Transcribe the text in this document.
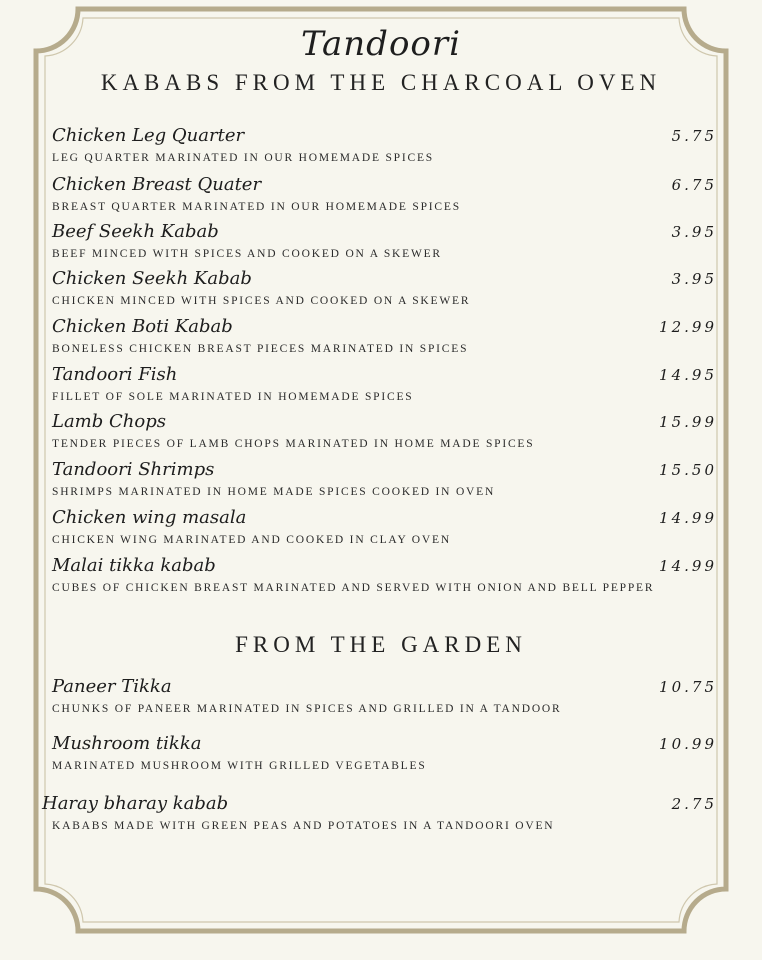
Tandoori
KABABS FROM THE CHARCOAL OVEN
Chicken Leg Quarter	5.75
LEG QUARTER MARINATED IN OUR HOMEMADE SPICES
Chicken Breast Quater	6.75
BREAST QUARTER MARINATED IN OUR HOMEMADE SPICES
Beef Seekh Kabab	3.95
BEEF MINCED WITH SPICES AND COOKED ON A SKEWER
Chicken Seekh Kabab	3.95
CHICKEN MINCED WITH SPICES AND COOKED ON A SKEWER
Chicken Boti Kabab	12.99
BONELESS CHICKEN BREAST PIECES MARINATED IN SPICES
Tandoori Fish	14.95
FILLET OF SOLE MARINATED IN HOMEMADE SPICES
Lamb Chops	15.99
TENDER PIECES OF LAMB CHOPS MARINATED IN HOME MADE SPICES
Tandoori Shrimps	15.50
SHRIMPS MARINATED IN HOME MADE SPICES COOKED IN OVEN
Chicken wing masala	14.99
CHICKEN WING MARINATED AND COOKED IN CLAY OVEN
Malai tikka kabab	14.99
CUBES OF CHICKEN BREAST MARINATED AND SERVED WITH ONION AND BELL PEPPER
FROM THE GARDEN
Paneer Tikka	10.75
CHUNKS OF PANEER MARINATED IN SPICES AND GRILLED IN A TANDOOR
Mushroom tikka	10.99
MARINATED MUSHROOM WITH GRILLED VEGETABLES
Haray bharay kabab	2.75
KABABS MADE WITH GREEN PEAS AND POTATOES IN A TANDOORI OVEN
